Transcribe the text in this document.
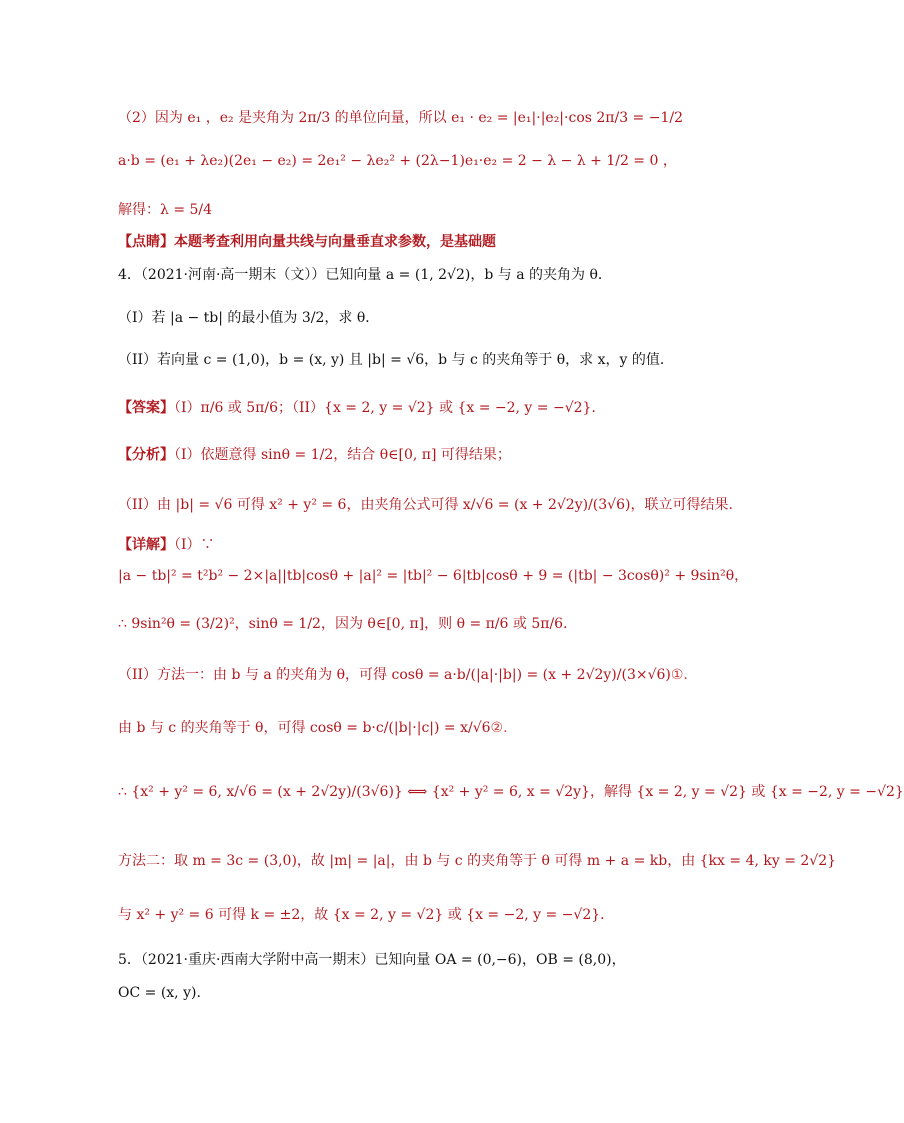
（2）因为 e₁ ，e₂ 是夹角为 2π/3 的单位向量，所以 e₁ · e₂ = |e₁|·|e₂|·cos 2π/3 = −1/2
a·b = (e₁ + λe₂)(2e₁ − e₂) = 2e₁² − λe₂² + (2λ−1)e₁·e₂ = 2 − λ − λ + 1/2 = 0 ，
解得：λ = 5/4
【点睛】本题考查利用向量共线与向量垂直求参数，是基础题
4．（2021·河南·高一期末（文））已知向量 a = (1, 2√2)，b 与 a 的夹角为 θ．
（I）若 |a − tb| 的最小值为 3/2，求 θ．
（II）若向量 c = (1,0)，b = (x, y) 且 |b| = √6，b 与 c 的夹角等于 θ，求 x，y 的值．
【答案】（I）π/6 或 5π/6；（II）{x = 2, y = √2} 或 {x = −2, y = −√2}．
【分析】（I）依题意得 sinθ = 1/2，结合 θ∈[0, π] 可得结果；
（II）由 |b| = √6 可得 x² + y² = 6，由夹角公式可得 x/√6 = (x + 2√2y)/(3√6)，联立可得结果.
【详解】（I）∵
|a − tb|² = t²b² − 2×|a||tb|cosθ + |a|² = |tb|² − 6|tb|cosθ + 9 = (|tb| − 3cosθ)² + 9sin²θ，
∴ 9sin²θ = (3/2)²，sinθ = 1/2，因为 θ∈[0, π]，则 θ = π/6 或 5π/6．
（II）方法一：由 b 与 a 的夹角为 θ，可得 cosθ = a·b/(|a|·|b|) = (x + 2√2y)/(3×√6)①.
由 b 与 c 的夹角等于 θ，可得 cosθ = b·c/(|b|·|c|) = x/√6②.
∴ {x² + y² = 6, x/√6 = (x + 2√2y)/(3√6)} ⟺ {x² + y² = 6, x = √2y}，解得 {x = 2, y = √2} 或 {x = −2, y = −√2}
方法二：取 m = 3c = (3,0)，故 |m| = |a|，由 b 与 c 的夹角等于 θ 可得 m + a = kb，由 {kx = 4, ky = 2√2}
与 x² + y² = 6 可得 k = ±2，故 {x = 2, y = √2} 或 {x = −2, y = −√2}．
5．（2021·重庆·西南大学附中高一期末）已知向量 OA = (0,−6)，OB = (8,0)，
OC = (x, y).
